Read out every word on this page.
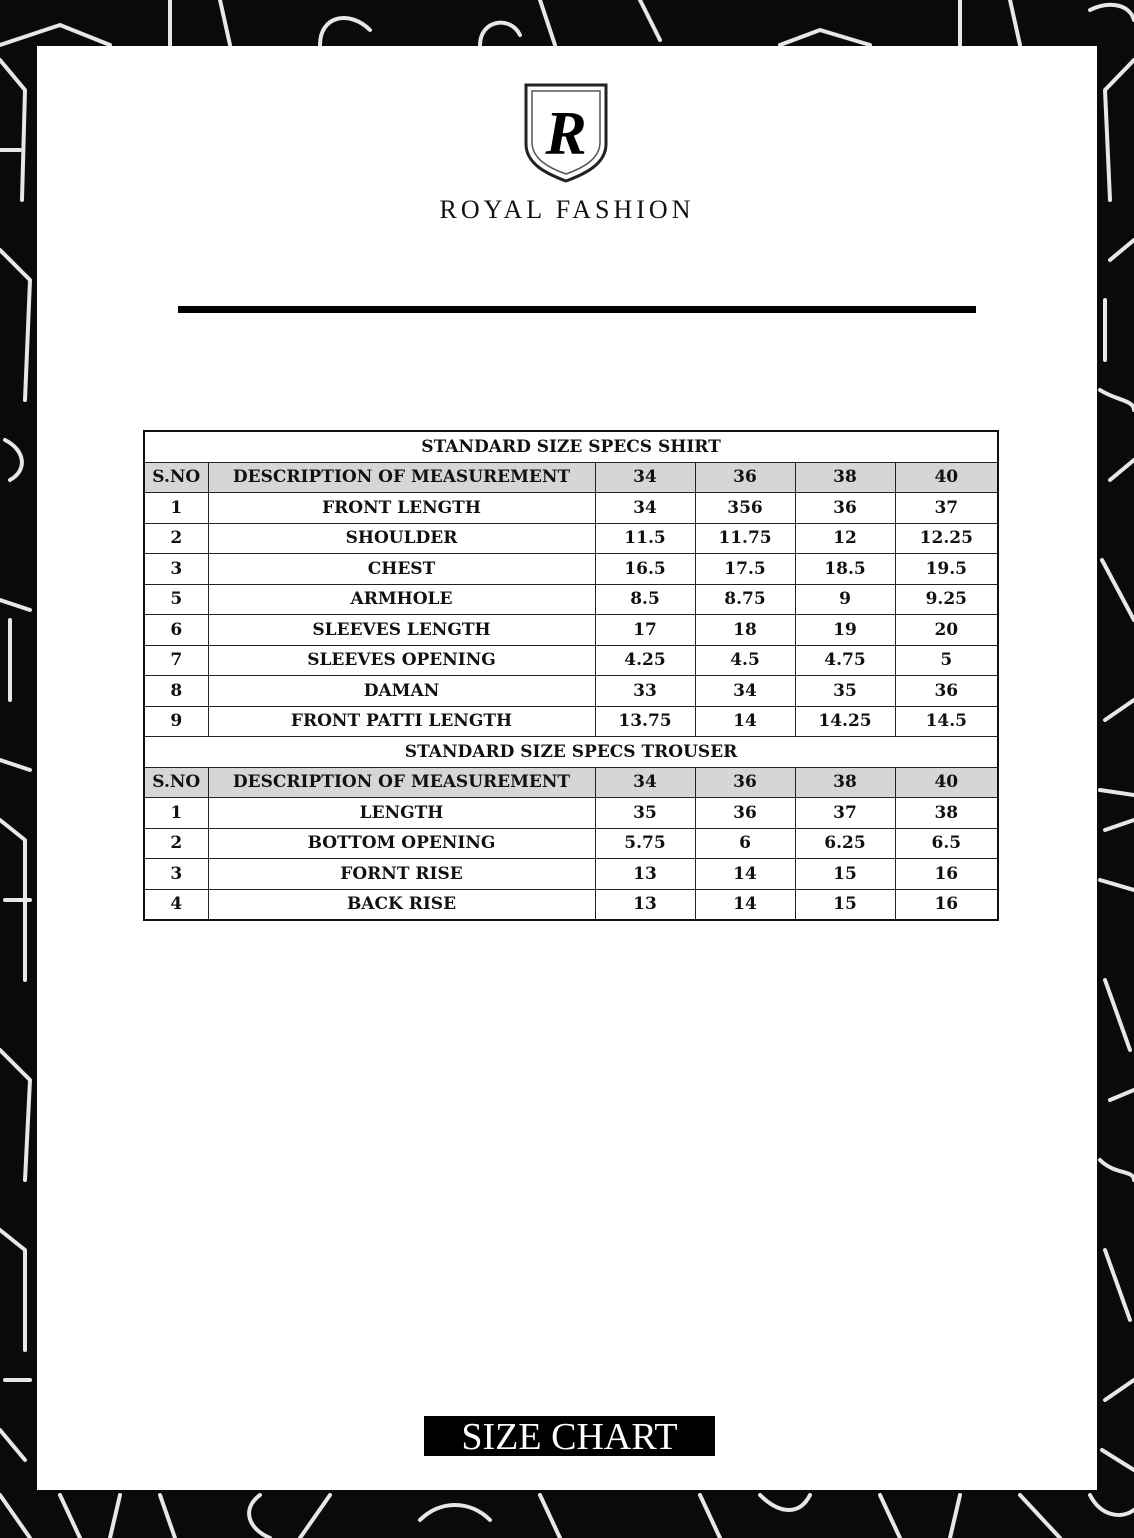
R
ROYAL FASHION
STANDARD SIZE SPECS SHIRT					
S.NO	DESCRIPTION OF MEASUREMENT	34	36	38	40
1	FRONT LENGTH	34	356	36	37
2	SHOULDER	11.5	11.75	12	12.25
3	CHEST	16.5	17.5	18.5	19.5
5	ARMHOLE	8.5	8.75	9	9.25
6	SLEEVES LENGTH	17	18	19	20
7	SLEEVES OPENING	4.25	4.5	4.75	5
8	DAMAN	33	34	35	36
9	FRONT PATTI LENGTH	13.75	14	14.25	14.5
STANDARD SIZE SPECS TROUSER					
S.NO	DESCRIPTION OF MEASUREMENT	34	36	38	40
1	LENGTH	35	36	37	38
2	BOTTOM OPENING	5.75	6	6.25	6.5
3	FORNT RISE	13	14	15	16
4	BACK RISE	13	14	15	16
SIZE CHART
